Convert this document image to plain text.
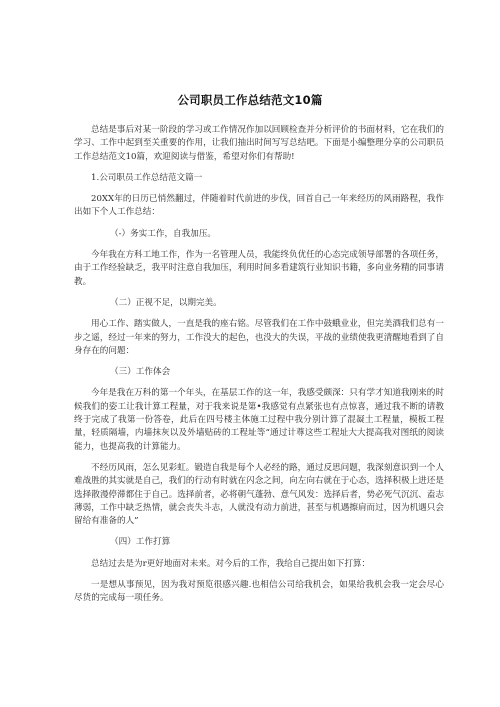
公司职员工作总结范文10篇

总结是事后对某一阶段的学习或工作情况作加以回顾检查并分析评价的书面材料，它在我们的学习、工作中起到至关重要的作用，让我们抽出时间写写总结吧。下面是小编整理分享的公司职员工作总结范文10篇，欢迎阅读与借鉴，希望对你们有帮助!

1.公司职员工作总结范文篇一

20XX年的日历已悄然翻过，伴随着时代前进的步伐，回首自己一年来经历的风雨路程，我作出如下个人工作总结：

（-）务实工作，自我加压。

今年我在方科工地工作，作为一名管理人员，我能终负优任的心态完成领导部署的各项任务，由于工作经验缺乏，我平时注意自我加压，利用时间多看建筑行业知识书籍，多向业务精的同事请教。

（二）正视不足，以期完美。

用心工作、踏实做人，一直是我的座右铭。尽管我们在工作中鼓蛾业业，但完美酒我们总有一步之遥，经过一年来的努力，工作没大的起色，也没大的失误，平战的业绩使我更清醒地看到了自身存在的问题：

（三）工作体会

今年是我在万科的第一个年头，在基层工作的这一年，我感受颇深：只有学才知道我刚来的时候我们的姿工让我计算工程量，对于我来说是第•我感觉有点紧张也有点惊喜，通过我不断的请教终于完成了我第一份答卷，此后在四号楼主体施工过程中我分别计算了混凝土工程量，模板工程量，轻质隔墙，内墙抹灰以及外墙贴砖的工程址等“通过计尊这些工程址大大提高我对图纸的阅读能力，也提高我的计算能力。

不经历风雨，怎么见彩虹。锻造自我是每个人必经的路，通过反思问题，我深刻意识到一个人难战胜的其实就是自己，我们的行动有时就在闪念之间，向左向右就在于心态，选择积极上进还是选择散漫停滞都住于自己。选择前者，必将朝气蓬勃、意气风发：选择后者，势必死气沉沉、盍志薄弱，工作中缺乏热情，就会丧失斗志，人就没有动力前进，甚至与机遇擦肩而过，因为机遇只会留给有准备的人”

（四）工作打算

总结过去是为r更好地面对未来。对今后的工作，我给自己提出如下打算：

一是想从事预见，因为我对预览很感兴趣.也相信公司给我机会，如果给我机会我一定会尽心尽货的完成每一项任务。
